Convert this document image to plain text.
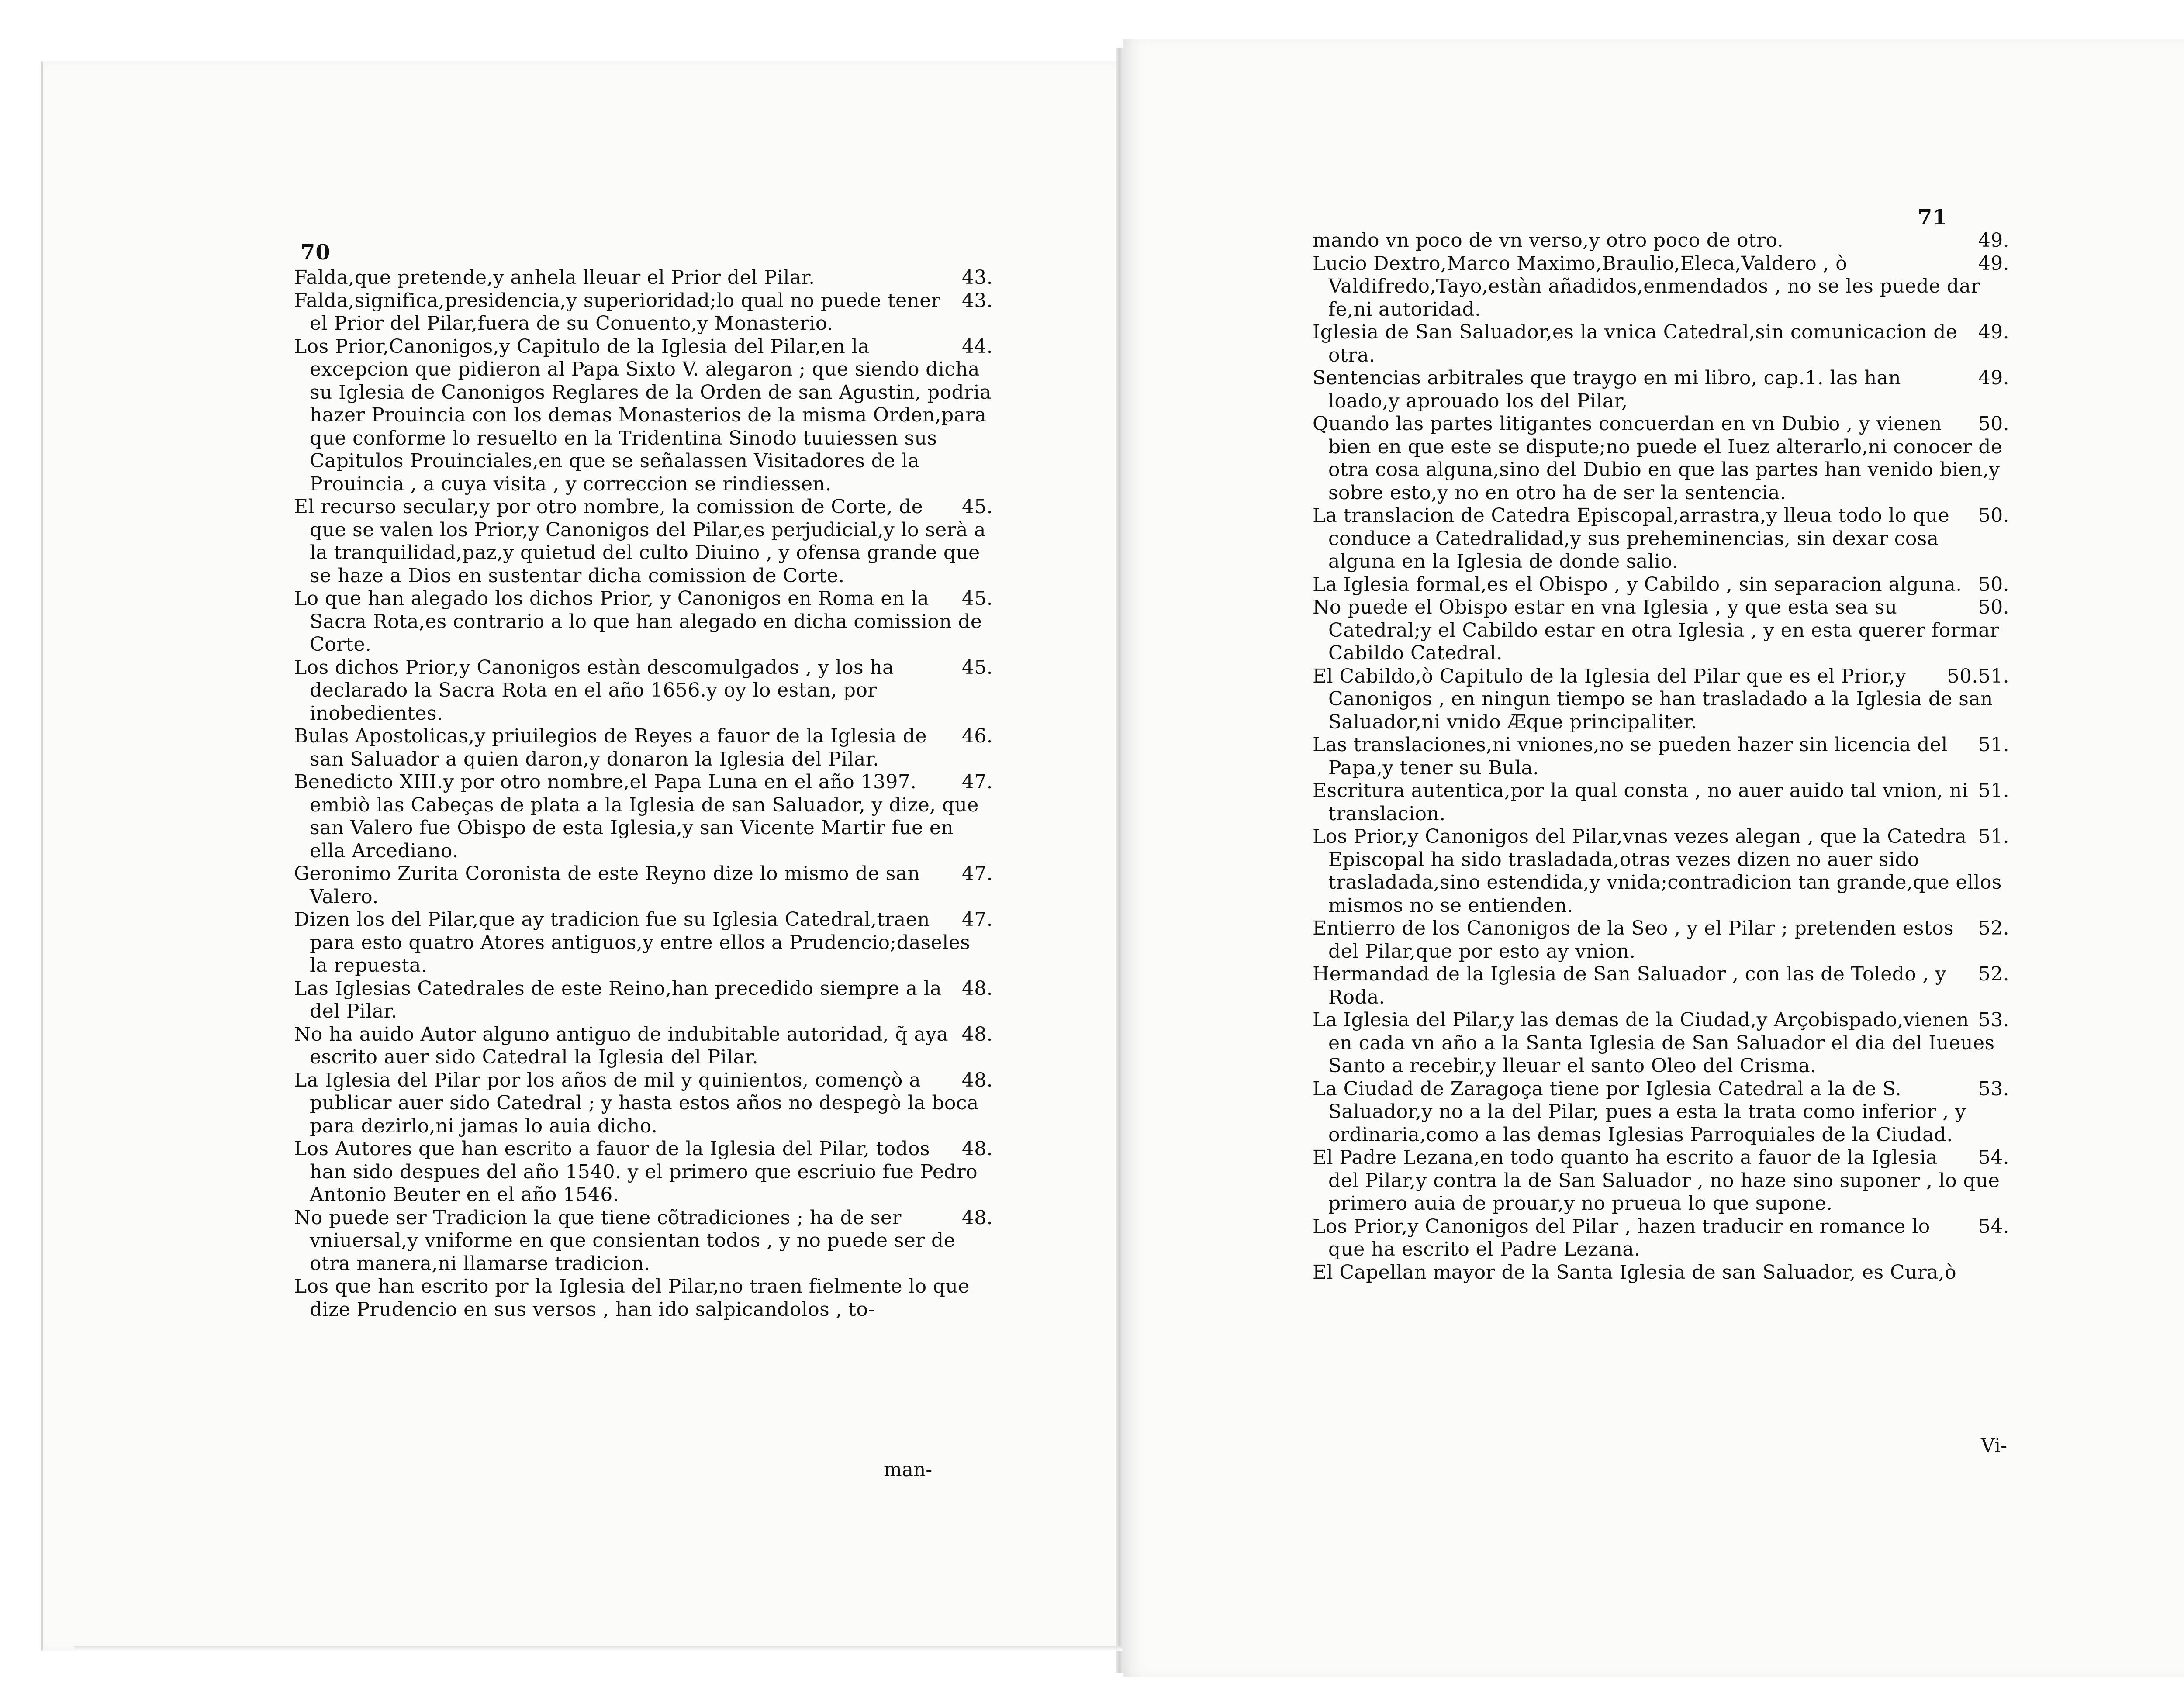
70

43.
Falda,que pretende,y anhela lleuar el Prior del Pilar.

43.
Falda,significa,presidencia,y superioridad;lo qual no puede tener el Prior del Pilar,fuera de su Conuento,y Monasterio.

44.
Los Prior,Canonigos,y Capitulo de la Iglesia del Pilar,en la excepcion que pidieron al Papa Sixto V. alegaron ; que siendo dicha su Iglesia de Canonigos Reglares de la Orden de san Agustin, podria hazer Prouincia con los demas Monasterios de la misma Orden,para que conforme lo resuelto en la Tridentina Sinodo tuuiessen sus Capitulos Prouinciales,en que se señalassen Visitadores de la Prouincia , a cuya visita , y correccion se rindiessen.

45.
El recurso secular,y por otro nombre, la comission de Corte, de que se valen los Prior,y Canonigos del Pilar,es perjudicial,y lo serà a la tranquilidad,paz,y quietud del culto Diuino , y ofensa grande que se haze a Dios en sustentar dicha comission de Corte.

45.
Lo que han alegado los dichos Prior, y Canonigos en Roma en la Sacra Rota,es contrario a lo que han alegado en dicha comission de Corte.

45.
Los dichos Prior,y Canonigos estàn descomulgados , y los ha declarado la Sacra Rota en el año 1656.y oy lo estan, por inobedientes.

46.
Bulas Apostolicas,y priuilegios de Reyes a fauor de la Iglesia de san Saluador a quien daron,y donaron la Iglesia del Pilar.

47.
Benedicto XIII.y por otro nombre,el Papa Luna en el año 1397. embiò las Cabeças de plata a la Iglesia de san Saluador, y dize, que san Valero fue Obispo de esta Iglesia,y san Vicente Martir fue en ella Arcediano.

47.
Geronimo Zurita Coronista de este Reyno dize lo mismo de san Valero.

47.
Dizen los del Pilar,que ay tradicion fue su Iglesia Catedral,traen para esto quatro Atores antiguos,y entre ellos a Prudencio;daseles la repuesta.

48.
Las Iglesias Catedrales de este Reino,han precedido siempre a la del Pilar.

48.
No ha auido Autor alguno antiguo de indubitable autoridad, q̃ aya escrito auer sido Catedral la Iglesia del Pilar.

48.
La Iglesia del Pilar por los años de mil y quinientos, començò a publicar auer sido Catedral ; y hasta estos años no despegò la boca para dezirlo,ni jamas lo auia dicho.

48.
Los Autores que han escrito a fauor de la Iglesia del Pilar, todos han sido despues del año 1540. y el primero que escriuio fue Pedro Antonio Beuter en el año 1546.

48.
No puede ser Tradicion la que tiene cõtradiciones ; ha de ser vniuersal,y vniforme en que consientan todos , y no puede ser de otra manera,ni llamarse tradicion.

Los que han escrito por la Iglesia del Pilar,no traen fielmente lo que dize Prudencio en sus versos , han ido salpicandolos , to-

man-
71

49.
mando vn poco de vn verso,y otro poco de otro.

49.
Lucio Dextro,Marco Maximo,Braulio,Eleca,Valdero , ò Valdifredo,Tayo,estàn añadidos,enmendados , no se les puede dar fe,ni autoridad.

49.
Iglesia de San Saluador,es la vnica Catedral,sin comunicacion de otra.

49.
Sentencias arbitrales que traygo en mi libro, cap.1. las han loado,y aprouado los del Pilar,

50.
Quando las partes litigantes concuerdan en vn Dubio , y vienen bien en que este se dispute;no puede el Iuez alterarlo,ni conocer de otra cosa alguna,sino del Dubio en que las partes han venido bien,y sobre esto,y no en otro ha de ser la sentencia.

50.
La translacion de Catedra Episcopal,arrastra,y lleua todo lo que conduce a Catedralidad,y sus preheminencias, sin dexar cosa alguna en la Iglesia de donde salio.

50.
La Iglesia formal,es el Obispo , y Cabildo , sin separacion alguna.

50.
No puede el Obispo estar en vna Iglesia , y que esta sea su Catedral;y el Cabildo estar en otra Iglesia , y en esta querer formar Cabildo Catedral.

50.51.
El Cabildo,ò Capitulo de la Iglesia del Pilar que es el Prior,y Canonigos , en ningun tiempo se han trasladado a la Iglesia de san Saluador,ni vnido Æque principaliter.

51.
Las translaciones,ni vniones,no se pueden hazer sin licencia del Papa,y tener su Bula.

51.
Escritura autentica,por la qual consta , no auer auido tal vnion, ni translacion.

51.
Los Prior,y Canonigos del Pilar,vnas vezes alegan , que la Catedra Episcopal ha sido trasladada,otras vezes dizen no auer sido trasladada,sino estendida,y vnida;contradicion tan grande,que ellos mismos no se entienden.

52.
Entierro de los Canonigos de la Seo , y el Pilar ; pretenden estos del Pilar,que por esto ay vnion.

52.
Hermandad de la Iglesia de San Saluador , con las de Toledo , y Roda.

53.
La Iglesia del Pilar,y las demas de la Ciudad,y Arçobispado,vienen en cada vn año a la Santa Iglesia de San Saluador el dia del Iueues Santo a recebir,y lleuar el santo Oleo del Crisma.

53.
La Ciudad de Zaragoça tiene por Iglesia Catedral a la de S. Saluador,y no a la del Pilar, pues a esta la trata como inferior , y ordinaria,como a las demas Iglesias Parroquiales de la Ciudad.

54.
El Padre Lezana,en todo quanto ha escrito a fauor de la Iglesia del Pilar,y contra la de San Saluador , no haze sino suponer , lo que primero auia de prouar,y no prueua lo que supone.

54.
Los Prior,y Canonigos del Pilar , hazen traducir en romance lo que ha escrito el Padre Lezana.

El Capellan mayor de la Santa Iglesia de san Saluador, es Cura,ò

Vi-
